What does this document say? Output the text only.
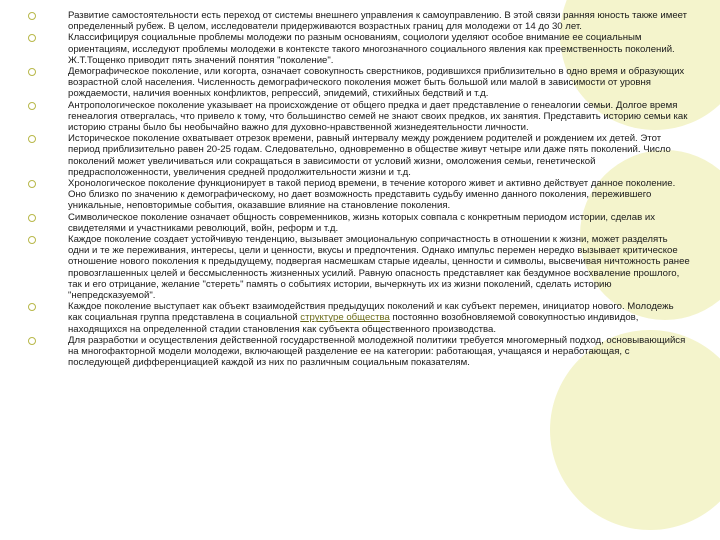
Развитие самостоятельности есть переход от системы внешнего управления к самоуправлению. В этой связи ранняя юность также имеет определенный рубеж. В целом, исследователи придерживаются возрастных границ для молодежи от 14 до 30 лет.
Классифицируя социальные проблемы молодежи по разным основаниям, социологи уделяют особое внимание ее социальным ориентациям, исследуют проблемы молодежи в контексте такого многозначного социального явления как преемственность поколений. Ж.Т.Тощенко приводит пять значений понятия "поколение".
Демографическое поколение, или когорта, означает совокупность сверстников, родившихся приблизительно в одно время и образующих возрастной слой населения. Численность демографического поколения может быть большой или малой в зависимости от уровня рождаемости, наличия военных конфликтов, репрессий, эпидемий, стихийных бедствий и т.д.
Антропологическое поколение указывает на происхождение от общего предка и дает представление о генеалогии семьи. Долгое время генеалогия отвергалась, что привело к тому, что большинство семей не знают своих предков, их занятия. Представить историю семьи как историю страны было бы необычайно важно для духовно-нравственной жизнедеятельности личности.
Историческое поколение охватывает отрезок времени, равный интервалу между рождением родителей и рождением их детей. Этот период приблизительно равен 20-25 годам. Следовательно, одновременно в обществе живут четыре или даже пять поколений. Число поколений может увеличиваться или сокращаться в зависимости от условий жизни, омоложения семьи, генетической предрасположенности, увеличения средней продолжительности жизни и т.д.
Хронологическое поколение функционирует в такой период времени, в течение которого живет и активно действует данное поколение. Оно близко по значению к демографическому, но дает возможность представить судьбу именно данного поколения, пережившего уникальные, неповторимые события, оказавшие влияние на становление поколения.
Символическое поколение означает общность современников, жизнь которых совпала с конкретным периодом истории, сделав их свидетелями и участниками революций, войн, реформ и т.д.
Каждое поколение создает устойчивую тенденцию, вызывает эмоциональную сопричастность в отношении к жизни, может разделять одни и те же переживания, интересы, цели и ценности, вкусы и предпочтения. Однако импульс перемен нередко вызывает критическое отношение нового поколения к предыдущему, подвергая насмешкам старые идеалы, ценности и символы, высвечивая ничтожность ранее провозглашенных целей и бессмысленность жизненных усилий. Равную опасность представляет как бездумное восхваление прошлого, так и его отрицание, желание "стереть" память о событиях истории, вычеркнуть их из жизни поколений, сделать историю "непредсказуемой".
Каждое поколение выступает как объект взаимодействия предыдущих поколений и как субъект перемен, инициатор нового. Молодежь как социальная группа представлена в социальной структуре общества постоянно возобновляемой совокупностью индивидов, находящихся на определенной стадии становления как субъекта общественного производства.
Для разработки и осуществления действенной государственной молодежной политики требуется многомерный подход, основывающийся на многофакторной модели молодежи, включающей разделение ее на категории: работающая, учащаяся и неработающая, с последующей дифференциацией каждой из них по различным социальным показателям.
